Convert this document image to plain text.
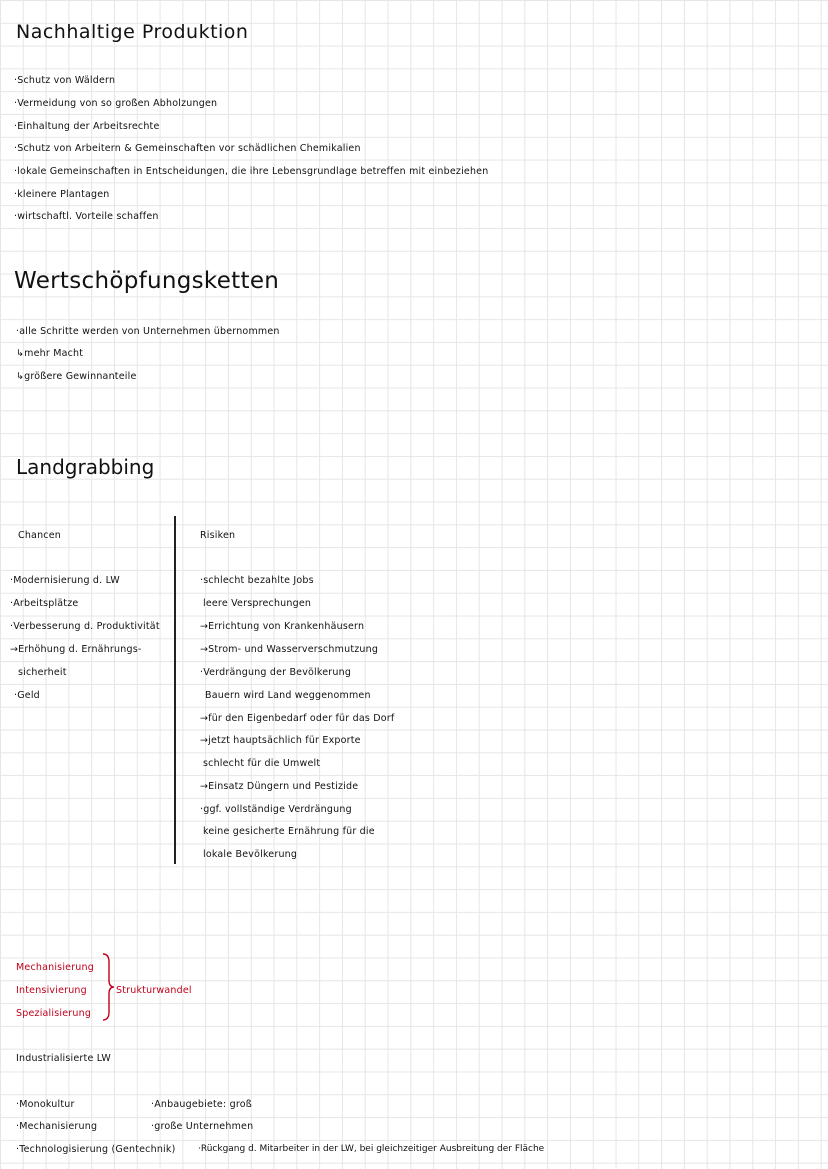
Nachhaltige Produktion
·Schutz von Wäldern
·Vermeidung von so großen Abholzungen
·Einhaltung der Arbeitsrechte
·Schutz von Arbeitern & Gemeinschaften vor schädlichen Chemikalien
·lokale Gemeinschaften in Entscheidungen, die ihre Lebensgrundlage betreffen mit einbeziehen
·kleinere Plantagen
·wirtschaftl. Vorteile schaffen
Wertschöpfungsketten
·alle Schritte werden von Unternehmen übernommen
↳mehr Macht
↳größere Gewinnanteile
Landgrabbing
Chancen	Risiken
·Modernisierung d. LW
·Arbeitsplätze
·Verbesserung d. Produktivität
→Erhöhung d. Ernährungs-
sicherheit
·Geld
·schlecht bezahlte Jobs
leere Versprechungen
→Errichtung von Krankenhäusern
→Strom- und Wasserverschmutzung
·Verdrängung der Bevölkerung
Bauern wird Land weggenommen
→für den Eigenbedarf oder für das Dorf
→jetzt hauptsächlich für Exporte
schlecht für die Umwelt
→Einsatz Düngern und Pestizide
·ggf. vollständige Verdrängung
keine gesicherte Ernährung für die
lokale Bevölkerung
Mechanisierung
Intensivierung
Spezialisierung
Strukturwandel
Industrialisierte LW
·Monokultur
·Mechanisierung
·Technologisierung (Gentechnik)
·Anbaugebiete: groß
·große Unternehmen
·Rückgang d. Mitarbeiter in der LW, bei gleichzeitiger Ausbreitung der Fläche
